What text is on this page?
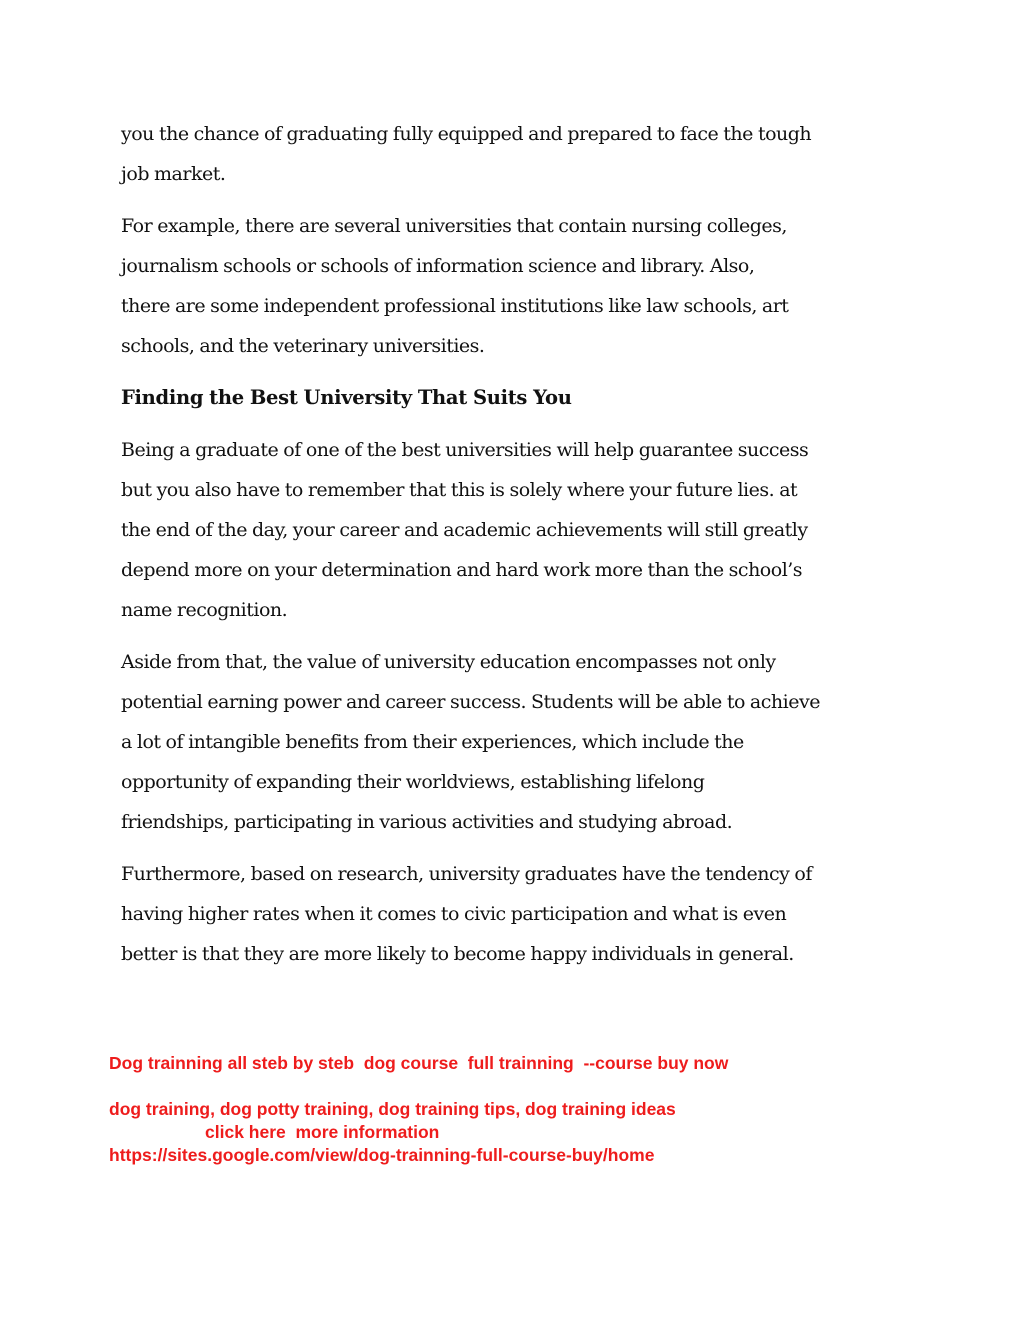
you the chance of graduating fully equipped and prepared to face the tough
job market.

For example, there are several universities that contain nursing colleges,
journalism schools or schools of information science and library. Also,
there are some independent professional institutions like law schools, art
schools, and the veterinary universities.

Finding the Best University That Suits You

Being a graduate of one of the best universities will help guarantee success
but you also have to remember that this is solely where your future lies. at
the end of the day, your career and academic achievements will still greatly
depend more on your determination and hard work more than the school’s
name recognition.

Aside from that, the value of university education encompasses not only
potential earning power and career success. Students will be able to achieve
a lot of intangible benefits from their experiences, which include the
opportunity of expanding their worldviews, establishing lifelong
friendships, participating in various activities and studying abroad.

Furthermore, based on research, university graduates have the tendency of
having higher rates when it comes to civic participation and what is even
better is that they are more likely to become happy individuals in general.

Dog trainning all steb by steb  dog course  full trainning  --course buy now
dog training, dog potty training, dog training tips, dog training ideas
click here  more information
https://sites.google.com/view/dog-trainning-full-course-buy/home
